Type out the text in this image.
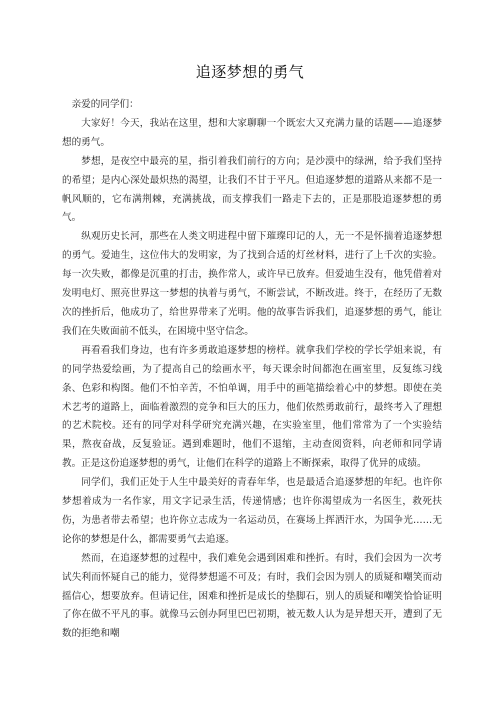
追逐梦想的勇气

亲爱的同学们：

大家好！今天，我站在这里，想和大家聊聊一个既宏大又充满力量的话题——追逐梦想的勇气。

梦想，是夜空中最亮的星，指引着我们前行的方向；是沙漠中的绿洲，给予我们坚持的希望；是内心深处最炽热的渴望，让我们不甘于平凡。但追逐梦想的道路从来都不是一帆风顺的，它布满荆棘，充满挑战，而支撑我们一路走下去的，正是那股追逐梦想的勇气。

纵观历史长河，那些在人类文明进程中留下璀璨印记的人，无一不是怀揣着追逐梦想的勇气。爱迪生，这位伟大的发明家，为了找到合适的灯丝材料，进行了上千次的实验。每一次失败，都像是沉重的打击，换作常人，或许早已放弃。但爱迪生没有，他凭借着对发明电灯、照亮世界这一梦想的执着与勇气，不断尝试，不断改进。终于，在经历了无数次的挫折后，他成功了，给世界带来了光明。他的故事告诉我们，追逐梦想的勇气，能让我们在失败面前不低头，在困境中坚守信念。

再看看我们身边，也有许多勇敢追逐梦想的榜样。就拿我们学校的学长学姐来说，有的同学热爱绘画，为了提高自己的绘画水平，每天课余时间都泡在画室里，反复练习线条、色彩和构图。他们不怕辛苦，不怕单调，用手中的画笔描绘着心中的梦想。即使在美术艺考的道路上，面临着激烈的竞争和巨大的压力，他们依然勇敢前行，最终考入了理想的艺术院校。还有的同学对科学研究充满兴趣，在实验室里，他们常常为了一个实验结果，熬夜奋战，反复验证。遇到难题时，他们不退缩，主动查阅资料，向老师和同学请教。正是这份追逐梦想的勇气，让他们在科学的道路上不断探索，取得了优异的成绩。

同学们，我们正处于人生中最美好的青春年华，也是最适合追逐梦想的年纪。也许你梦想着成为一名作家，用文字记录生活，传递情感；也许你渴望成为一名医生，救死扶伤，为患者带去希望；也许你立志成为一名运动员，在赛场上挥洒汗水，为国争光……无论你的梦想是什么，都需要勇气去追逐。

然而，在追逐梦想的过程中，我们难免会遇到困难和挫折。有时，我们会因为一次考试失利而怀疑自己的能力，觉得梦想遥不可及；有时，我们会因为别人的质疑和嘲笑而动摇信心，想要放弃。但请记住，困难和挫折是成长的垫脚石，别人的质疑和嘲笑恰恰证明了你在做不平凡的事。就像马云创办阿里巴巴初期，被无数人认为是异想天开，遭到了无数的拒绝和嘲
